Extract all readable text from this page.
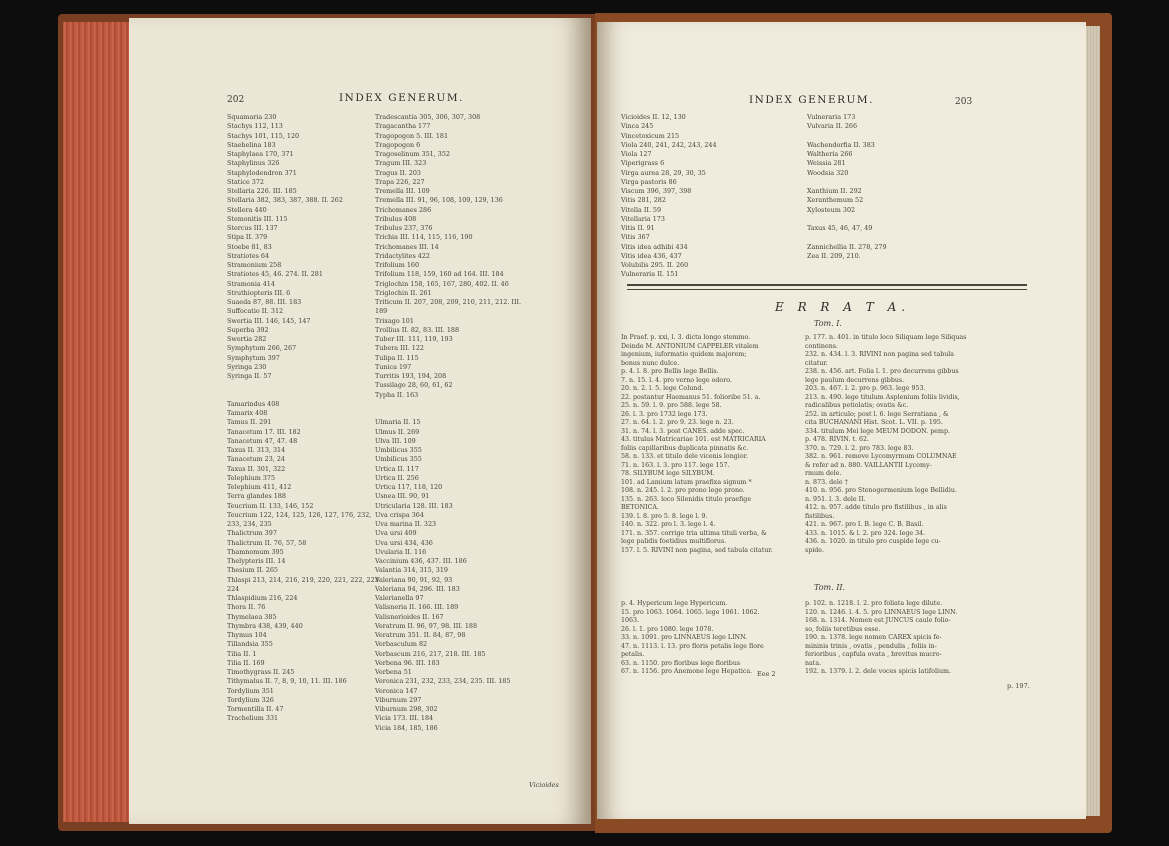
202	INDEX GENERUM.
Squamaria 230
Stachys 112, 113
Stachys 101, 115, 120
Staehelina 183
Staphylaea 170, 371
Staphylinus 326
Staphylodendron 371
Statice 372
Stellaria 226. III. 185
Stellaria 382, 383, 387, 388. II. 262
Stellera 440
Stemonitis III. 115
Stercus III. 137
Stipa II. 379
Stoebe 81, 83
Stratiotes 64
Stramonium 258
Stratiotes 45, 46. 274. II. 281
Stramonia 414
Struthiopteris III. 6
Suaeda 87, 88. III. 183
Suffocatio II. 312
Swertia III. 146, 145, 147
Superba 392
Swertia 282
Symphytum 266, 267
Symphytum 397
Syringa 230
Syringa II. 57

Tamarindus 408
Tamarix 408
Tamus II. 291
Tanacetum 17. III. 182
Tanacetum 47, 47. 48
Taxus II. 313, 314
Tanacetum 23, 24
Taxus II. 301, 322
Telephium 375
Telephium 411, 412
Terra glandes 188
Teucrium II. 133, 146, 152
Teucrium 122, 124, 125, 126, 127, 176, 232,
233, 234, 235
Thalictrum 397
Thalictrum II. 76, 57, 58
Thamnomum 395
Thelypteris III. 14
Thesium II. 265
Thlaspi 213, 214, 216, 219, 220, 221, 222, 223
224
Thlaspidium 216, 224
Thora II. 76
Thymelaea 385
Thymbra 438, 439, 440
Thymus 104
Tillandsia 355
Tilia II. 1
Tilia II. 169
Timothygrass II. 245
Tithymalus II. 7, 8, 9, 10, 11. III. 186
Tordylium 351
Tordylium 326
Tormentilla II. 47
Trachelium 331
Tradescantia 305, 306, 307, 308
Tragacantha 177
Tragopogon 5. III. 181
Tragopogon 6
Tragoselinum 351, 352
Tragum III. 323
Tragus II. 203
Trapa 226, 227
Tremella III. 109
Tremella III. 91, 96, 108, 109, 129, 136
Trichomanes 286
Tribulus 408
Tribulus 237, 376
Trichia III. 114, 115, 116, 190
Trichomanes III. 14
Tridactylites 422
Trifolium 160
Trifolium 118, 159, 160 ad 164. III. 184
Triglochin 158, 165, 167, 280, 402. II. 46
Triglochin II. 261
Triticum II. 207, 208, 209, 210, 211, 212. III.
189
Trixago 101
Trollius II. 82, 83. III. 188
Tuber III. 111, 119, 193
Tubera III. 122
Tulipa II. 115
Tunica 197
Turritis 193, 194, 208
Tussilago 28, 60, 61, 62
Typha II. 163

Ulmaria II. 15
Ulmus II. 269
Ulva III. 109
Umbilicus 355
Umbilicus 355
Urtica II. 117
Urtica II. 256
Urtica 117, 118, 120
Usnea III. 90, 91
Utricularia 128. III. 183
Uva crispa 364
Uva marina II. 323
Uva ursi 409
Uva ursi 434, 436
Uvularia II. 116
Vaccinium 436, 437. III. 186
Valantia 314, 315, 319
Valeriana 90, 91, 92, 93
Valeriana 94, 296. III. 183
Valerianella 97
Valisneria II. 166. III. 189
Valisnerioides II. 167
Veratrum II. 96, 97, 98. III. 188
Veratrum 351. II. 84, 87, 98
Verbasculum 82
Verbascum 216, 217, 218. III. 185
Verbena 96. III. 183
Verbena 51
Veronica 231, 232, 233, 234, 235. III. 185
Veronica 147
Viburnum 297
Viburnum 298, 302
Vicia 173. III. 184
Vicia 184, 185, 186
Vicioides
INDEX GENERUM.	203
Vicioides II. 12, 130
Vinca 245
Vincetoxicum 215
Viola 240, 241, 242, 243, 244
Viola 127
Viperigrass 6
Virga aurea 28, 29, 30, 35
Virga pastoris 86
Viscum 396, 397, 398
Vitis 281, 282
Vitella II. 59
Vitellaria 173
Vitis II. 91
Vitis 367
Vitis idea adhibi 434
Vitis idea 436, 437
Volubilis 295. II. 260
Vulneraria II. 151
Vulneraria 173
Vulvaria II. 266

Wachendorfia II. 383
Waltheria 266
Weissia 281
Woodsia 320

Xanthium II. 292
Xeranthemum 52
Xylosteum 302

Taxus 45, 46, 47, 49

Zannichellia II. 278, 279
Zea II. 209, 210.
E R R A T A.
Tom. I.
In Praef. p. xxi, l. 3. dicta longo stemmo.
Deinde M. ANTONIUM CAPPELER vitalem
ingenium, iuformatio quidem majorem;
bonus nunc dulce.
p. 4. l. 8. pro Bellis lege Bellis.
7. n. 15. l. 4. pro verno lege odoro.
20. n. 2. l. 5. lege Colund.
22. postantur Haemanus 51. folioribe 51. a.
25. n. 59. l. 9. pro 588. lege 58.
26. l. 3. pro 1732 lege 173.
27. n. 64. l. 2. pro 9. 23. lege n. 23.
31. n. 74. l. 3. post CANES. adde spec.
43. titulus Matricariae 101. est MATRICARIA
foliis capillaribus duplicata pinnatis &c.
58. n. 133. et titulo dele vicenis longior.
71. n. 163. l. 3. pro 117. lege 157.
78. SILYBUM lege SILYBUM.
101. ad Lamium latum praefixa signum *
108. n. 245. l. 2. pro prono lege prono.
135. n. 263. loco Silenidis titulo praefige
BETONICA.
139. l. 8. pro 5. 8. lege l. 9.
140. n. 322. pro l. 3. lege l. 4.
171. n. 357. corrige tria ultima tituli verba, &
lege palidis foetidius multiflorus.
157. l. 5. RIVINI non pagina, sed tabula citatur.
p. 177. n. 401. in titulo loco Siliquam lege Siliquas
continens.
232. n. 434. l. 3. RIVINI non pagina sed tabula
citatur.
238. n. 456. art. Folia l. 1. pro decurrens gibbus
lege paulum decurrens gibbus.
203. n. 467. l. 2. pro p. 963. lege 953.
213. n. 490. lege titulum Asplenium foliis lividis,
radicalibus petiolatis; ovatis &c.
252. in articulo; post l. 6. lege Serratiana , &
cita BUCHANANI Hist. Scot. L. VII. p. 195.
334. titulum Mei lege MEUM DODON. pemp.
p. 478. RIVIN. t. 62.
370. n. 729. l. 2. pro 783. lege 83.
382. n. 961. remove Lycomyrmum COLUMNAE
& refer ad n. 880. VAILLANTII Lycomy-
rmum dele.
n. 873. dele †
410. n. 956. pro Stenogermenium lege Bellidiu.
n. 951. l. 3. dele II.
412. n. 957. adde titulo pro fistilibus , in alis
fistilibus.
421. n. 967. pro I. B. lege C. B. Basil.
433. n. 1015. & l. 2. pro 324. lege 34.
436. n. 1020. in titulo pro cuspide lege cu-
spide.
Tom. II.
p. 4. Hypericum lege Hypericum.
15. pro 1063. 1064. 1065. lege 1061. 1062.
1063.
26. l. 1. pro 1080. lege 1078.
33. n. 1091. pro LINNAEUS lege LINN.
47. n. 1113. l. 13. pro floris petalis lege flore
petalis.
63. n. 1150. pro floribus lege floribus
67. n. 1156. pro Anemone lege Hepatica.
p. 102. n. 1218. l. 2. pro foliata lege dilute.
120. n. 1246. l. 4. 5. pro LINNAEUS lege LINN.
168. n. 1314. Nomen est JUNCUS caule folio-
so, foliis teretibus esse.
190. n. 1378. lege nomen CAREX spicis fe-
mininis trinis , ovatis , pendulis , foliis in-
ferioribus , capfula ovata , brevitus mucro-
nata.
192. n. 1379. l. 2. dele voces spicis latifolium.
Eee 2
p. 197.
